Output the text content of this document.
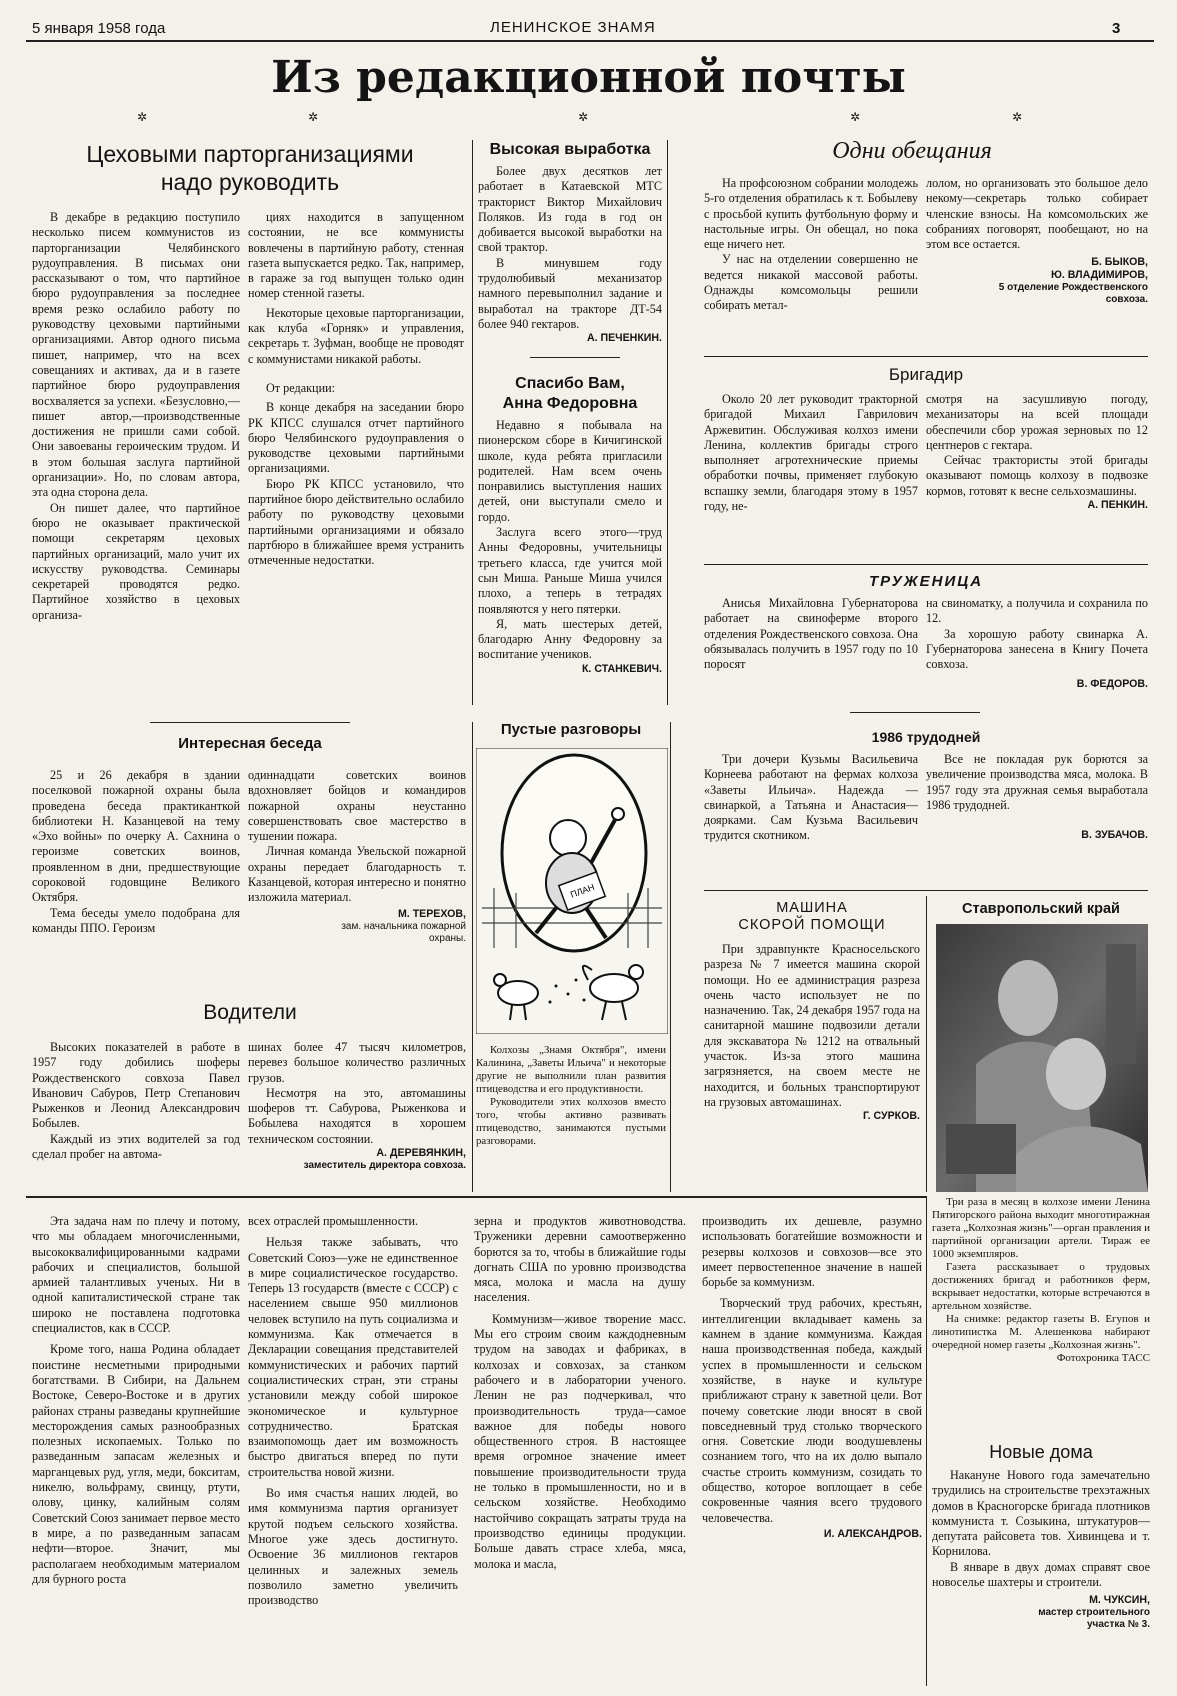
5 января 1958 года	ЛЕНИНСКОЕ ЗНАМЯ	3
Из редакционной почты
✲	✲	✲	✲	✲
Цеховыми парторганизациями
надо руководить

В декабре в редакцию поступило несколько писем коммунистов из парторганизации Челябинского рудоуправления. В письмах они рассказывают о том, что партийное бюро рудоуправления за последнее время резко ослабило работу по руководству цеховыми партийными организациями. Автор одного письма пишет, например, что на всех совещаниях и активах, да и в газете партийное бюро рудоуправления восхваляется за успехи. «Безусловно,—пишет автор,—производственные достижения не пришли сами собой. Они завоеваны героическим трудом. И в этом большая заслуга партийной организации». Но, по словам автора, эта одна сторона дела.

Он пишет далее, что партийное бюро не оказывает практической помощи секретарям цеховых партийных организаций, мало учит их искусству руководства. Семинары секретарей проводятся редко. Партийное хозяйство в цеховых организа-

циях находится в запущенном состоянии, не все коммунисты вовлечены в партийную работу, стенная газета выпускается редко. Так, например, в гараже за год выпущен только один номер стенной газеты.

Некоторые цеховые парторганизации, как клуба «Горняк» и управления, секретарь т. Зуфман, вообще не проводят с коммунистами никакой работы.

От редакции:

В конце декабря на заседании бюро РК КПСС слушался отчет партийного бюро Челябинского рудоуправления о руководстве цеховыми партийными организациями.

Бюро РК КПСС установило, что партийное бюро действительно ослабило работу по руководству цеховыми партийными организациями и обязало партбюро в ближайшее время устранить отмеченные недостатки.

Высокая выработка

Более двух десятков лет работает в Катаевской МТС тракторист Виктор Михайлович Поляков. Из года в год он добивается высокой выработки на свой трактор.

В минувшем году трудолюбивый механизатор намного перевыполнил задание и выработал на тракторе ДТ-54 более 940 гектаров.

А. ПЕЧЕНКИН.
Спасибо Вам,
Анна Федоровна

Недавно я побывала на пионерском сборе в Кичигинской школе, куда ребята пригласили родителей. Нам всем очень понравились выступления наших детей, они выступали смело и гордо.

Заслуга всего этого—труд Анны Федоровны, учительницы третьего класса, где учится мой сын Миша. Раньше Миша учился плохо, а теперь в тетрадях появляются у него пятерки.

Я, мать шестерых детей, благодарю Анну Федоровну за воспитание учеников.

К. СТАНКЕВИЧ.
Одни обещания

На профсоюзном собрании молодежь 5-го отделения обратилась к т. Бобылеву с просьбой купить футбольную форму и настольные игры. Он обещал, но пока еще ничего нет.

У нас на отделении совершенно не ведется никакой массовой работы. Однажды комсомольцы решили собирать метал-

лолом, но организовать это большое дело некому—секретарь только собирает членские взносы. На комсомольских же собраниях поговорят, пообещают, но на этом все остается.

Б. БЫКОВ,
Ю. ВЛАДИМИРОВ,
5 отделение Рождественского
совхоза.
Бригадир

Около 20 лет руководит тракторной бригадой Михаил Гаврилович Аржевитин. Обслуживая колхоз имени Ленина, коллектив бригады строго выполняет агротехнические приемы обработки почвы, применяет глубокую вспашку земли, благодаря этому в 1957 году, не-

смотря на засушливую погоду, механизаторы на всей площади обеспечили сбор урожая зерновых по 12 центнеров с гектара.

Сейчас трактористы этой бригады оказывают помощь колхозу в подвозке кормов, готовят к весне сельхозмашины.

А. ПЕНКИН.
ТРУЖЕНИЦА

Анисья Михайловна Губернаторова работает на свиноферме второго отделения Рождественского совхоза. Она обязывалась получить в 1957 году по 10 поросят

на свиноматку, а получила и сохранила по 12.

За хорошую работу свинарка А. Губернаторова занесена в Книгу Почета совхоза.

В. ФЕДОРОВ.
Интересная беседа

25 и 26 декабря в здании поселковой пожарной охраны была проведена беседа практиканткой библиотеки Н. Казанцевой на тему «Эхо войны» по очерку А. Сахнина о героизме советских воинов, проявленном в дни, предшествующие сороковой годовщине Великого Октября.

Тема беседы умело подобрана для команды ППО. Героизм

одиннадцати советских воинов вдохновляет бойцов и командиров пожарной охраны неустанно совершенствовать свое мастерство в тушении пожара.

Личная команда Увельской пожарной охраны передает благодарность т. Казанцевой, которая интересно и понятно изложила материал.

М. ТЕРЕХОВ,
зам. начальника пожарной
охраны.
Пустые разговоры
ПЛАН
Колхозы „Знамя Октября", имени Калинина, „Заветы Ильича" и некоторые другие не выполнили план развития птицеводства и его продуктивности.
Руководители этих колхозов вместо того, чтобы активно развивать птицеводство, занимаются пустыми разговорами.
1986 трудодней

Три дочери Кузьмы Васильевича Корнеева работают на фермах колхоза «Заветы Ильича». Надежда — свинаркой, а Татьяна и Анастасия—доярками. Сам Кузьма Васильевич трудится скотником.

Все не покладая рук борются за увеличение производства мяса, молока. В 1957 году эта дружная семья выработала 1986 трудодней.

В. ЗУБАЧОВ.
Водители

Высоких показателей в работе в 1957 году добились шоферы Рождественского совхоза Павел Иванович Сабуров, Петр Степанович Рыженков и Леонид Александрович Бобылев.

Каждый из этих водителей за год сделал пробег на автома-

шинах более 47 тысяч километров, перевез большое количество различных грузов.

Несмотря на это, автомашины шоферов тт. Сабурова, Рыженкова и Бобылева находятся в хорошем техническом состоянии.

А. ДЕРЕВЯНКИН,
заместитель директора совхоза.
МАШИНА
СКОРОЙ ПОМОЩИ

При здравпункте Красносельского разреза № 7 имеется машина скорой помощи. Но ее администрация разреза очень часто использует не по назначению. Так, 24 декабря 1957 года на санитарной машине подвозили детали для экскаватора № 1212 на отвальный участок. Из-за этого машина загрязняется, на своем месте не находится, и больных транспортируют на грузовых автомашинах.

Г. СУРКОВ.
Ставропольский край
Три раза в месяц в колхозе имени Ленина Пятигорского района выходит многотиражная газета „Колхозная жизнь"—орган правления и партийной организации артели. Тираж ее 1000 экземпляров.
Газета рассказывает о трудовых достижениях бригад и работников ферм, вскрывает недостатки, которые встречаются в артельном хозяйстве.
На снимке: редактор газеты В. Егупов и линотипистка М. Алешенкова набирают очередной номер газеты „Колхозная жизнь".
Фотохроника ТАСС

Эта задача нам по плечу и потому, что мы обладаем многочисленными, высококвалифицированными кадрами рабочих и специалистов, большой армией талантливых ученых. Ни в одной капиталистической стране так широко не поставлена подготовка специалистов, как в СССР.

Кроме того, наша Родина обладает поистине несметными природными богатствами. В Сибири, на Дальнем Востоке, Северо-Востоке и в других районах страны разведаны крупнейшие месторождения самых разнообразных полезных ископаемых. Только по разведанным запасам железных и марганцевых руд, угля, меди, бокситам, никелю, вольфраму, свинцу, ртути, олову, цинку, калийным солям Советский Союз занимает первое место в мире, а по разведанным запасам нефти—второе. Значит, мы располагаем необходимым материалом для бурного роста

всех отраслей промышленности.

Нельзя также забывать, что Советский Союз—уже не единственное в мире социалистическое государство. Теперь 13 государств (вместе с СССР) с населением свыше 950 миллионов человек вступило на путь социализма и коммунизма. Как отмечается в Декларации совещания представителей коммунистических и рабочих партий социалистических стран, эти страны установили между собой широкое экономическое и культурное сотрудничество. Братская взаимопомощь дает им возможность быстро двигаться вперед по пути строительства новой жизни.

Во имя счастья наших людей, во имя коммунизма партия организует крутой подъем сельского хозяйства. Многое уже здесь достигнуто. Освоение 36 миллионов гектаров целинных и залежных земель позволило заметно увеличить производство

зерна и продуктов животноводства. Труженики деревни самоотверженно борются за то, чтобы в ближайшие годы догнать США по уровню производства мяса, молока и масла на душу населения.

Коммунизм—живое творение масс. Мы его строим своим каждодневным трудом на заводах и фабриках, в колхозах и совхозах, за станком рабочего и в лаборатории ученого. Ленин не раз подчеркивал, что производительность труда—самое важное для победы нового общественного строя. В настоящее время огромное значение имеет повышение производительности труда не только в промышленности, но и в сельском хозяйстве. Необходимо настойчиво сокращать затраты труда на производство единицы продукции. Больше давать страсе хлеба, мяса, молока и масла,

производить их дешевле, разумно использовать богатейшие возможности и резервы колхозов и совхозов—все это имеет первостепенное значение в нашей борьбе за коммунизм.

Творческий труд рабочих, крестьян, интеллигенции вкладывает камень за камнем в здание коммунизма. Каждая наша производственная победа, каждый успех в промышленности и сельском хозяйстве, в науке и культуре приближают страну к заветной цели. Вот почему советские люди вносят в свой повседневный труд столько творческого огня. Советские люди воодушевлены сознанием того, что на их долю выпало счастье строить коммунизм, созидать то общество, которое воплощает в себе сокровенные чаяния всего трудового человечества.

И. АЛЕКСАНДРОВ.
Новые дома

Накануне Нового года замечательно трудились на строительстве трехэтажных домов в Красногорске бригада плотников коммуниста т. Созыкина, штукатуров—депутата райсовета тов. Хивинцева и т. Корнилова.

В январе в двух домах справят свое новоселье шахтеры и строители.

М. ЧУКСИН,
мастер строительного
участка № 3.
